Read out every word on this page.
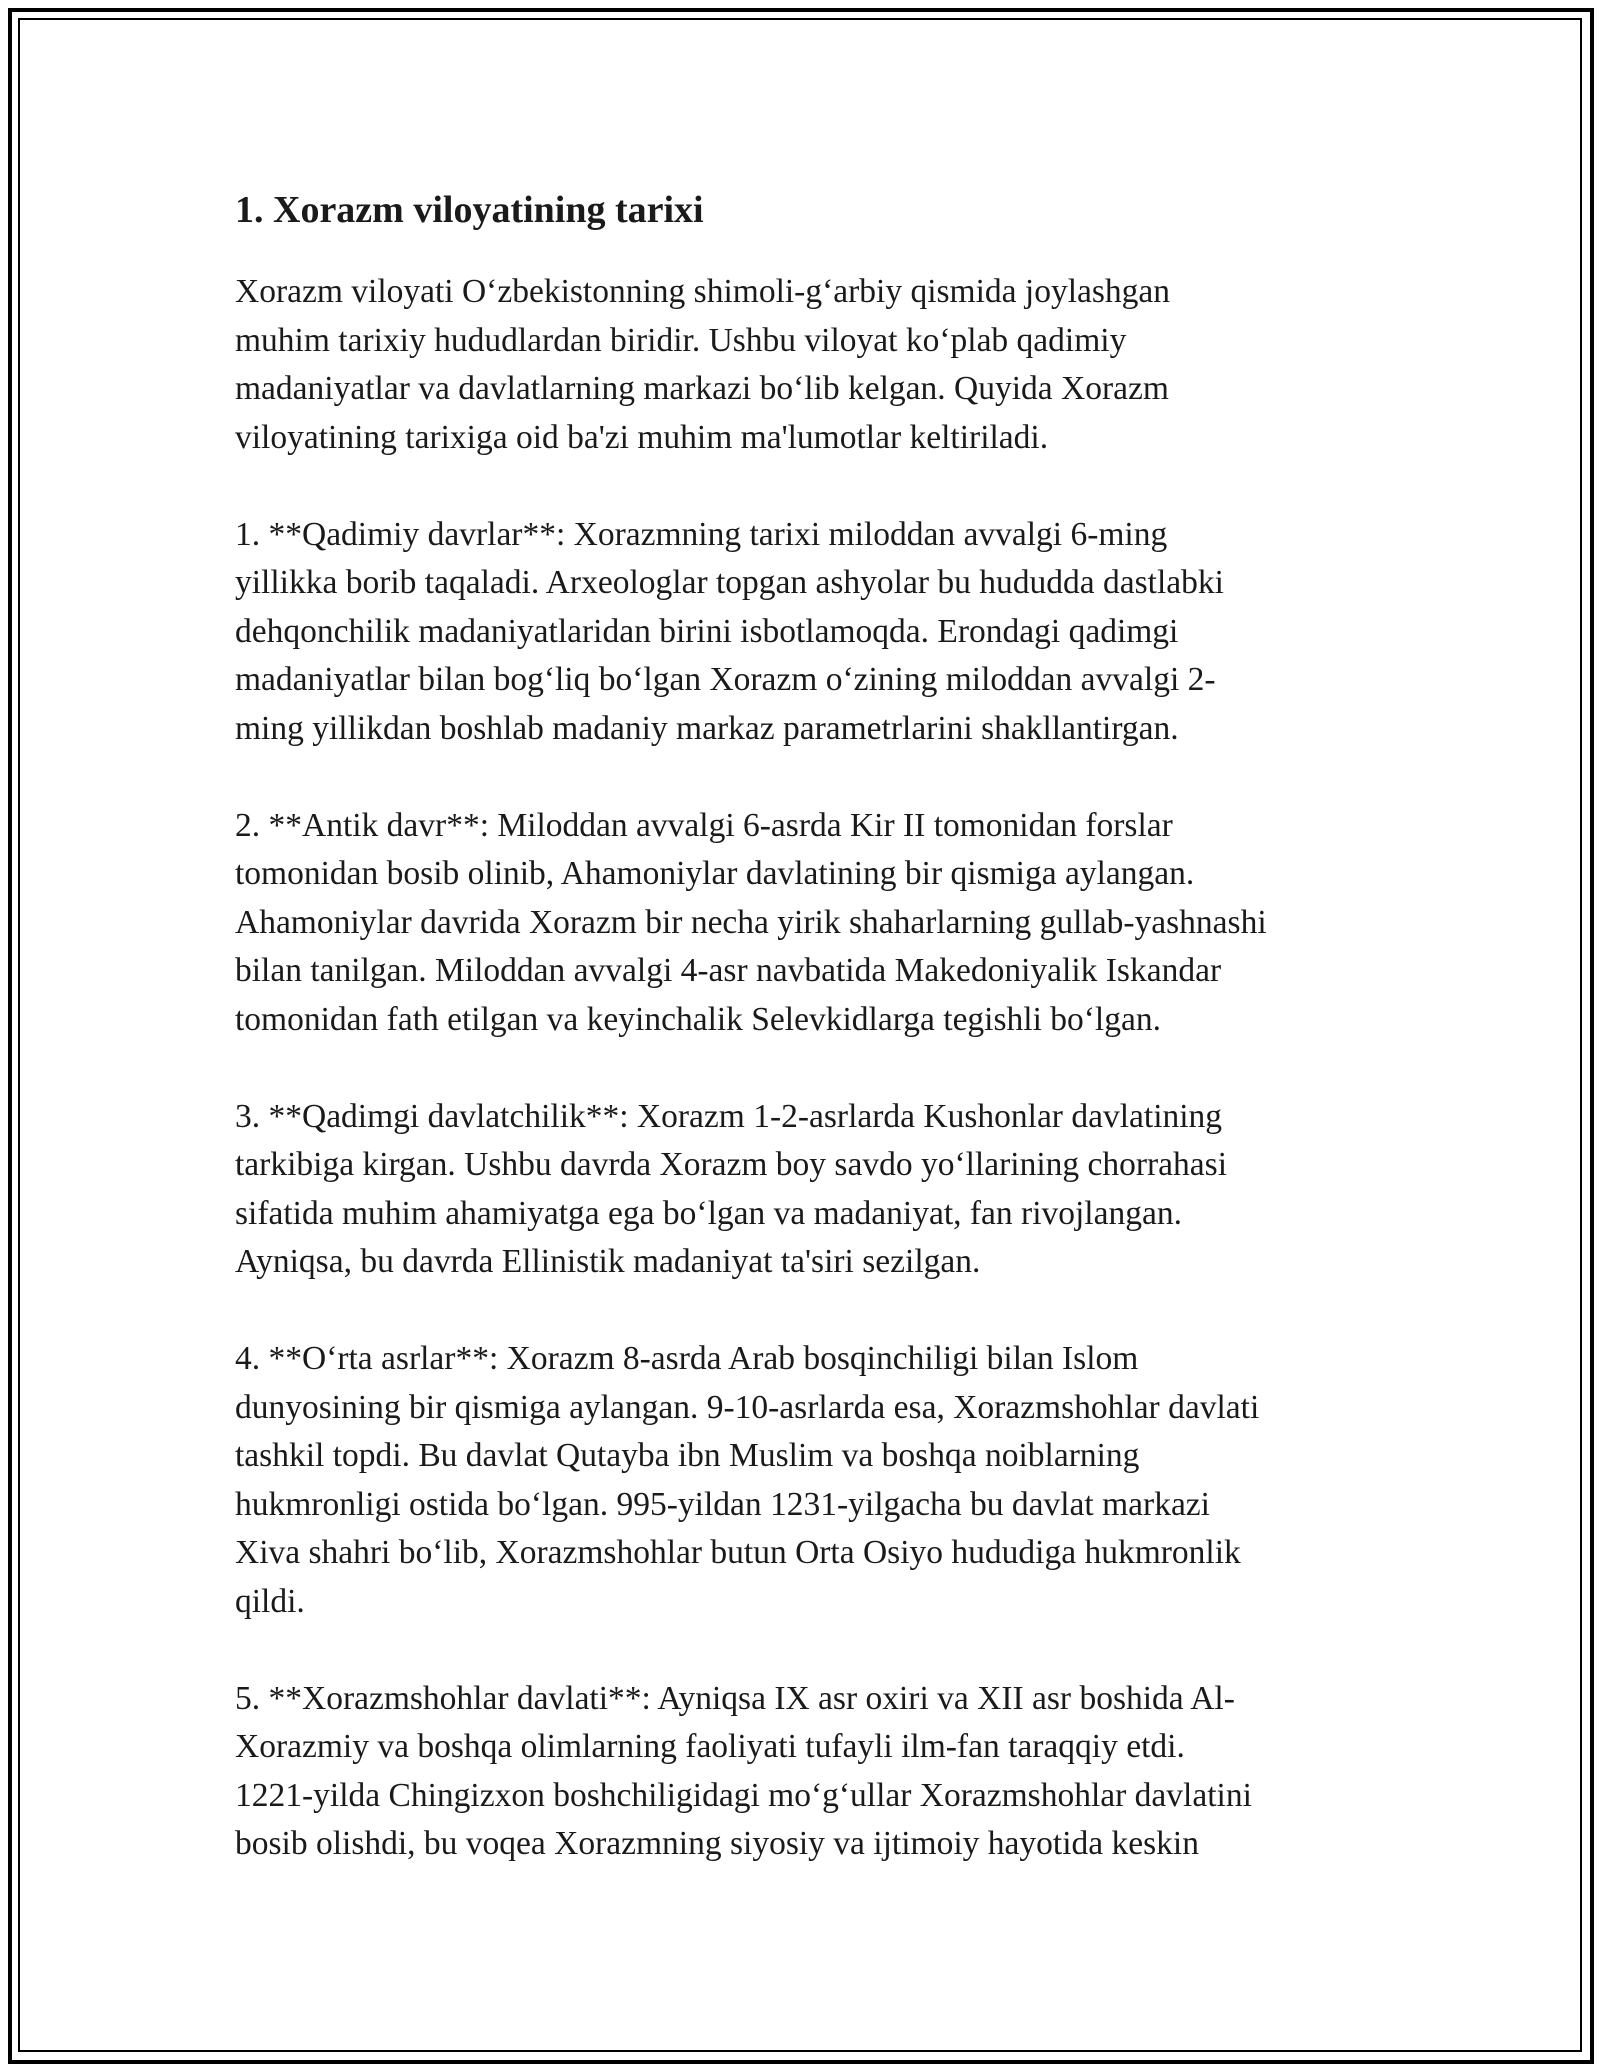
1. Xorazm viloyatining tarixi

Xorazm viloyati O‘zbekistonning shimoli-g‘arbiy qismida joylashgan
muhim tarixiy hududlardan biridir. Ushbu viloyat ko‘plab qadimiy
madaniyatlar va davlatlarning markazi bo‘lib kelgan. Quyida Xorazm
viloyatining tarixiga oid ba'zi muhim ma'lumotlar keltiriladi.

1. **Qadimiy davrlar**: Xorazmning tarixi miloddan avvalgi 6-ming
yillikka borib taqaladi. Arxeologlar topgan ashyolar bu hududda dastlabki
dehqonchilik madaniyatlaridan birini isbotlamoqda. Erondagi qadimgi
madaniyatlar bilan bog‘liq bo‘lgan Xorazm o‘zining miloddan avvalgi 2-
ming yillikdan boshlab madaniy markaz parametrlarini shakllantirgan.

2. **Antik davr**: Miloddan avvalgi 6-asrda Kir II tomonidan forslar
tomonidan bosib olinib, Ahamoniylar davlatining bir qismiga aylangan.
Ahamoniylar davrida Xorazm bir necha yirik shaharlarning gullab-yashnashi
bilan tanilgan. Miloddan avvalgi 4-asr navbatida Makedoniyalik Iskandar
tomonidan fath etilgan va keyinchalik Selevkidlarga tegishli bo‘lgan.

3. **Qadimgi davlatchilik**: Xorazm 1-2-asrlarda Kushonlar davlatining
tarkibiga kirgan. Ushbu davrda Xorazm boy savdo yo‘llarining chorrahasi
sifatida muhim ahamiyatga ega bo‘lgan va madaniyat, fan rivojlangan.
Ayniqsa, bu davrda Ellinistik madaniyat ta'siri sezilgan.

4. **O‘rta asrlar**: Xorazm 8-asrda Arab bosqinchiligi bilan Islom
dunyosining bir qismiga aylangan. 9-10-asrlarda esa, Xorazmshohlar davlati
tashkil topdi. Bu davlat Qutayba ibn Muslim va boshqa noiblarning
hukmronligi ostida bo‘lgan. 995-yildan 1231-yilgacha bu davlat markazi
Xiva shahri bo‘lib, Xorazmshohlar butun Orta Osiyo hududiga hukmronlik
qildi.

5. **Xorazmshohlar davlati**: Ayniqsa IX asr oxiri va XII asr boshida Al-
Xorazmiy va boshqa olimlarning faoliyati tufayli ilm-fan taraqqiy etdi.
1221-yilda Chingizxon boshchiligidagi mo‘g‘ullar Xorazmshohlar davlatini
bosib olishdi, bu voqea Xorazmning siyosiy va ijtimoiy hayotida keskin
